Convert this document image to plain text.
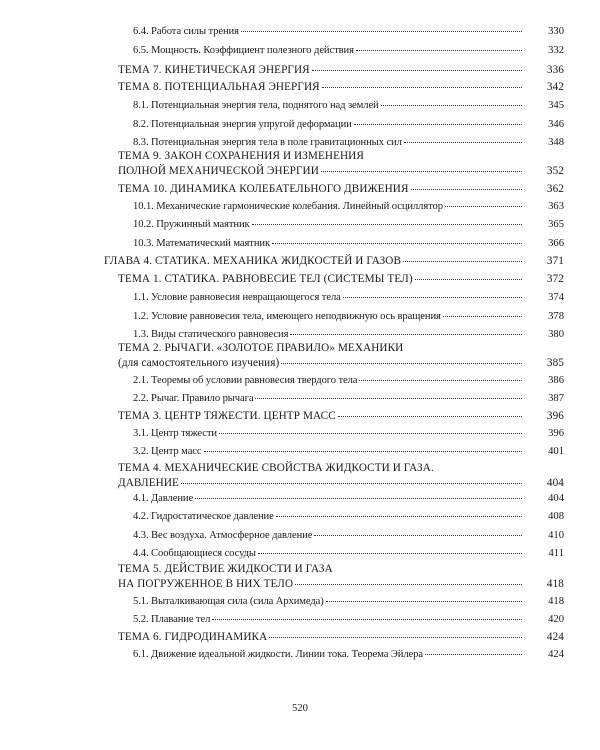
6.4. Работа силы трения	330
6.5. Мощность. Коэффициент полезного действия	332
ТЕМА 7. КИНЕТИЧЕСКАЯ ЭНЕРГИЯ	336
ТЕМА 8. ПОТЕНЦИАЛЬНАЯ ЭНЕРГИЯ	342
8.1. Потенциальная энергия тела, поднятого над землей	345
8.2. Потенциальная энергия упругой деформации	346
8.3. Потенциальная энергия тела в поле гравитационных сил	348
ТЕМА 9. ЗАКОН СОХРАНЕНИЯ И ИЗМЕНЕНИЯ
ПОЛНОЙ МЕХАНИЧЕСКОЙ ЭНЕРГИИ	352
ТЕМА 10. ДИНАМИКА КОЛЕБАТЕЛЬНОГО ДВИЖЕНИЯ	362
10.1. Механические гармонические колебания. Линейный осциллятор	363
10.2. Пружинный маятник	365
10.3. Математический маятник	366
ГЛАВА 4. СТАТИКА. МЕХАНИКА ЖИДКОСТЕЙ И ГАЗОВ	371
ТЕМА 1. СТАТИКА. РАВНОВЕСИЕ ТЕЛ (СИСТЕМЫ ТЕЛ)	372
1.1. Условие равновесия невращающегося тела	374
1.2. Условие равновесия тела, имеющего неподвижную ось вращения	378
1.3. Виды статического равновесия	380
ТЕМА 2. РЫЧАГИ. «ЗОЛОТОЕ ПРАВИЛО» МЕХАНИКИ
(для самостоятельного изучения)	385
2.1. Теоремы об условии равновесия твердого тела	386
2.2. Рычаг. Правило рычага	387
ТЕМА 3. ЦЕНТР ТЯЖЕСТИ. ЦЕНТР МАСС	396
3.1. Центр тяжести	396
3.2. Центр масс	401
ТЕМА 4. МЕХАНИЧЕСКИЕ СВОЙСТВА ЖИДКОСТИ И ГАЗА.
ДАВЛЕНИЕ	404
4.1. Давление	404
4.2. Гидростатическое давление	408
4.3. Вес воздуха. Атмосферное давление	410
4.4. Сообщающиеся сосуды	411
ТЕМА 5. ДЕЙСТВИЕ ЖИДКОСТИ И ГАЗА
НА ПОГРУЖЕННОЕ В НИХ ТЕЛО	418
5.1. Выталкивающая сила (сила Архимеда)	418
5.2. Плавание тел	420
ТЕМА 6. ГИДРОДИНАМИКА	424
6.1. Движение идеальной жидкости. Линии тока. Теорема Эйлера	424
520
